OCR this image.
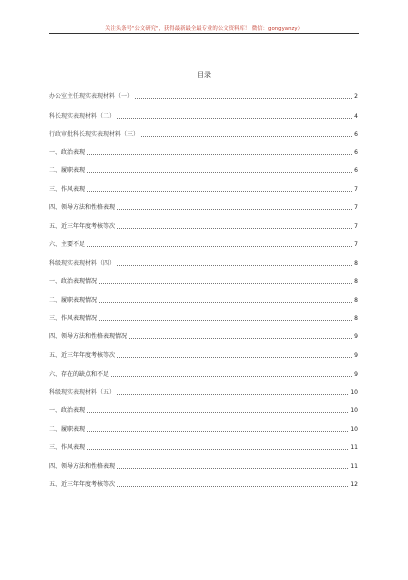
关注头条号"公文研究"，获得最新最全最专业的公文资料库！ 微信：gongyanzy）
目录
办公室主任现实表现材料（一）	2
科长现实表现材料（二）	4
行政审批科长现实表现材料（三）	6
一、政治表现	6
二、履职表现	6
三、作风表现	7
四、领导方法和性格表现	7
五、近三年年度考核等次	7
六、主要不足	7
科级现实表现材料（四）	8
一、政治表现情况	8
二、履职表现情况	8
三、作风表现情况	8
四、领导方法和性格表现情况	9
五、近三年年度考核等次	9
六、存在的缺点和不足	9
科级现实表现材料（五）	10
一、政治表现	10
二、履职表现	10
三、作风表现	11
四、领导方法和性格表现	11
五、近三年年度考核等次	12
